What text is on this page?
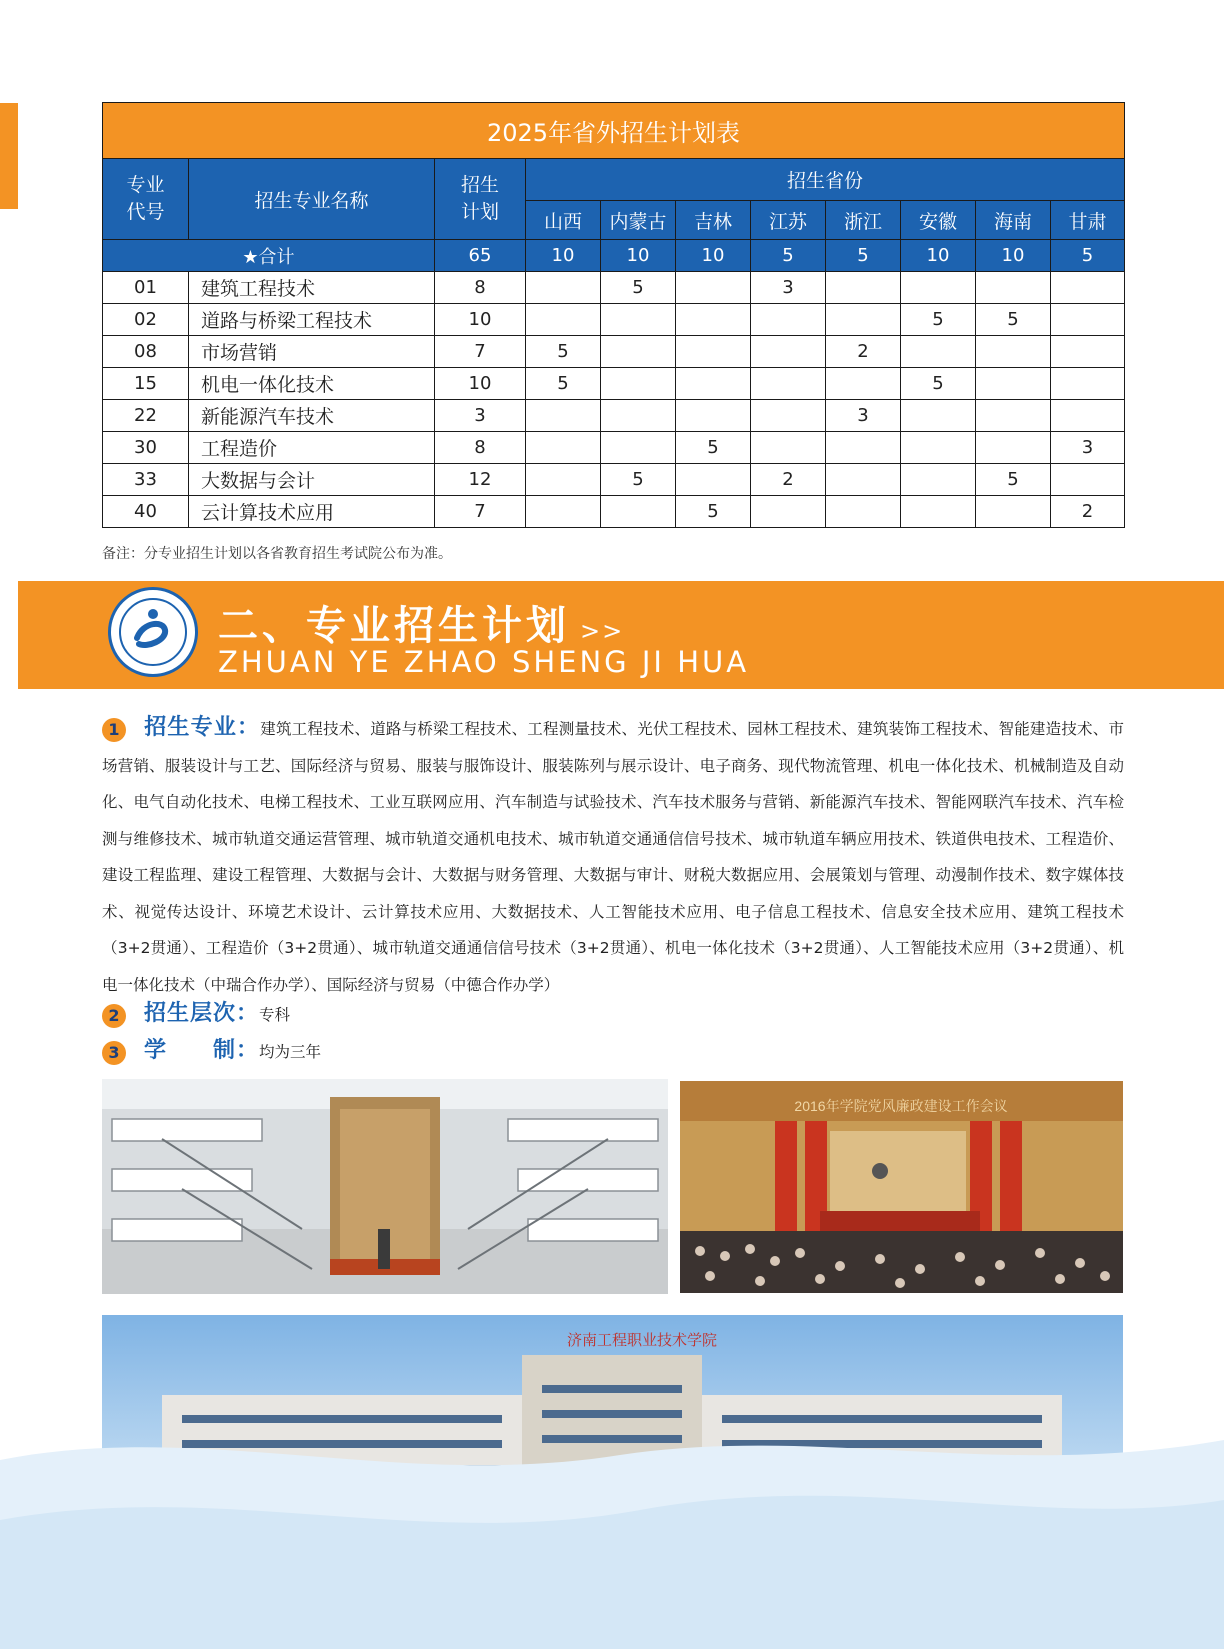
2025年省外招生计划表										

专业
代号	招生专业名称	招生
计划	招生省份							
			山西	内蒙古	吉林	江苏	浙江	安徽	海南	甘肃
★合计		65	10	10	10	5	5	10	10	5
01	建筑工程技术	8		5		3				
02	道路与桥梁工程技术	10						5	5	
08	市场营销	7	5				2			
15	机电一体化技术	10	5					5		
22	新能源汽车技术	3					3			
30	工程造价	8			5					3
33	大数据与会计	12		5		2			5	
40	云计算技术应用	7			5					2
备注：分专业招生计划以各省教育招生考试院公布为准。
二、专业招生计划 >>
ZHUAN YE ZHAO SHENG JI HUA
1 招生专业：建筑工程技术、道路与桥梁工程技术、工程测量技术、光伏工程技术、园林工程技术、建筑装饰工程技术、智能建造技术、市场营销、服装设计与工艺、国际经济与贸易、服装与服饰设计、服装陈列与展示设计、电子商务、现代物流管理、机电一体化技术、机械制造及自动化、电气自动化技术、电梯工程技术、工业互联网应用、汽车制造与试验技术、汽车技术服务与营销、新能源汽车技术、智能网联汽车技术、汽车检测与维修技术、城市轨道交通运营管理、城市轨道交通机电技术、城市轨道交通通信信号技术、城市轨道车辆应用技术、铁道供电技术、工程造价、建设工程监理、建设工程管理、大数据与会计、大数据与财务管理、大数据与审计、财税大数据应用、会展策划与管理、动漫制作技术、数字媒体技术、视觉传达设计、环境艺术设计、云计算技术应用、大数据技术、人工智能技术应用、电子信息工程技术、信息安全技术应用、建筑工程技术（3+2贯通）、工程造价（3+2贯通）、城市轨道交通通信信号技术（3+2贯通）、机电一体化技术（3+2贯通）、人工智能技术应用（3+2贯通）、机电一体化技术（中瑞合作办学）、国际经济与贸易（中德合作办学）
2 招生层次：专科
3 学　　制：均为三年
2016年学院党风廉政建设工作会议
济南工程职业技术学院
